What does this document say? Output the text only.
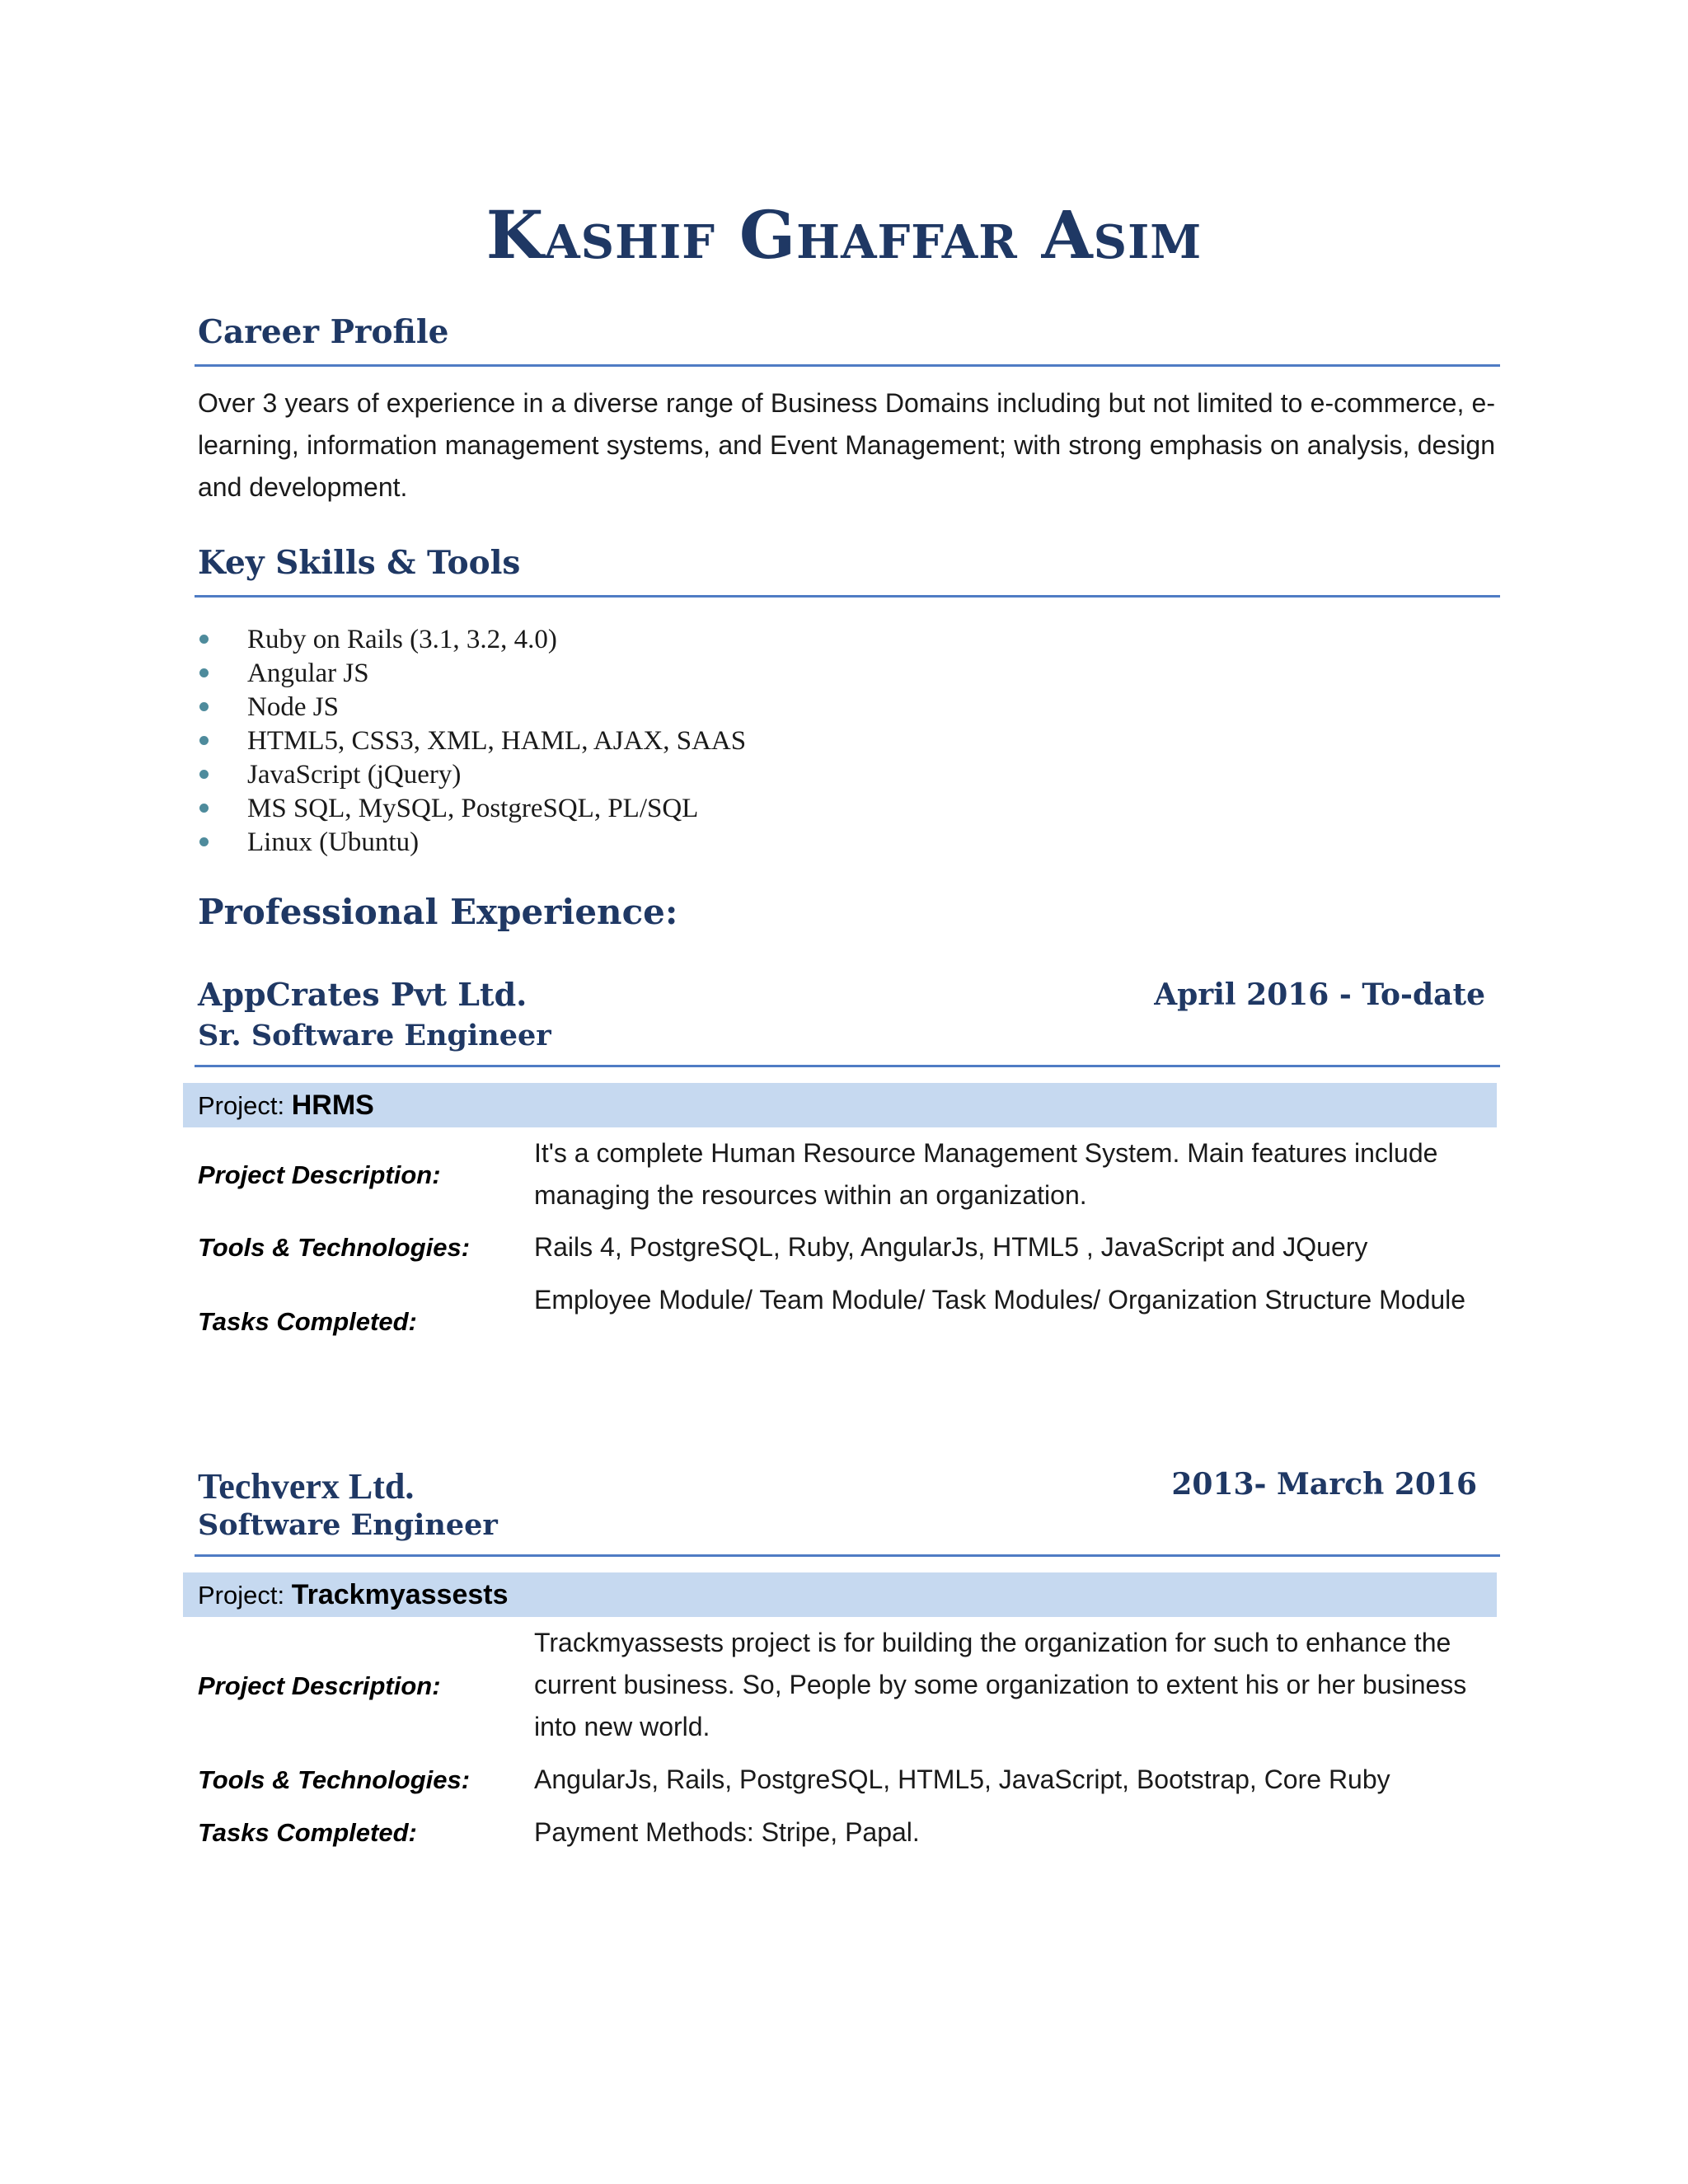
Kashif Ghaffar Asim
Career Profile
Over 3 years of experience in a diverse range of Business Domains including but not limited to e-commerce, e-learning, information management systems, and Event Management; with strong emphasis on analysis, design and development.
Key Skills & Tools
Ruby on Rails (3.1, 3.2, 4.0)
Angular JS
Node JS
HTML5, CSS3, XML, HAML, AJAX, SAAS
JavaScript (jQuery)
MS SQL, MySQL, PostgreSQL, PL/SQL
Linux (Ubuntu)
Professional Experience:
AppCrates Pvt Ltd.	April 2016 - To-date
Sr. Software Engineer
Project: HRMS
Project Description:
It's a complete Human Resource Management System. Main features include managing the resources within an organization.
Tools & Technologies:	Rails 4, PostgreSQL, Ruby, AngularJs, HTML5 , JavaScript and JQuery
Tasks Completed:
Employee Module/ Team Module/ Task Modules/ Organization Structure Module
Techverx Ltd.	2013- March 2016
Software Engineer
Project: Trackmyassests
Project Description:
Trackmyassests project is for building the organization for such to enhance the current business. So, People by some organization to extent his or her business into new world.
Tools & Technologies:	AngularJs, Rails, PostgreSQL, HTML5, JavaScript, Bootstrap, Core Ruby
Tasks Completed:	Payment Methods: Stripe, Papal.
